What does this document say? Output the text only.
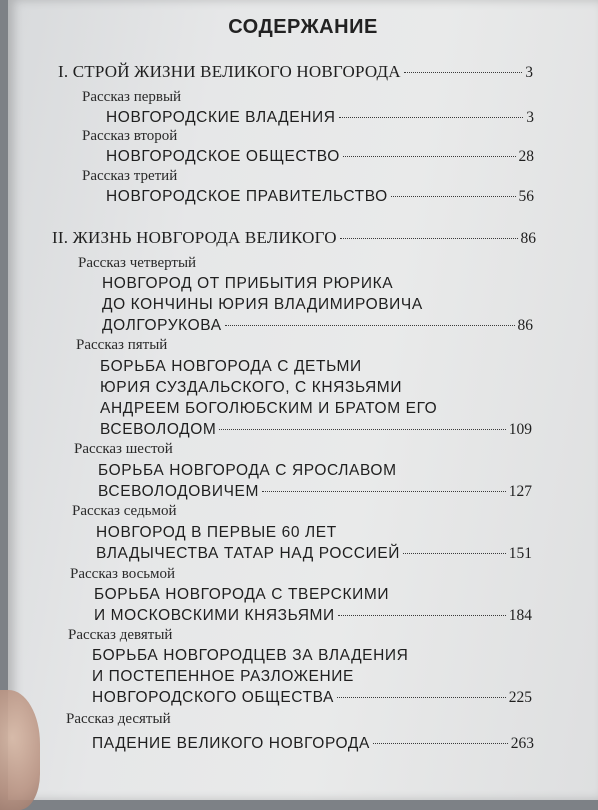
СОДЕРЖАНИЕ
I. СТРОЙ ЖИЗНИ ВЕЛИКОГО НОВГОРОДА	3
Рассказ первый
НОВГОРОДСКИЕ ВЛАДЕНИЯ	3
Рассказ второй
НОВГОРОДСКОЕ ОБЩЕСТВО	28
Рассказ третий
НОВГОРОДСКОЕ ПРАВИТЕЛЬСТВО	56
II. ЖИЗНЬ НОВГОРОДА ВЕЛИКОГО	86
Рассказ четвертый
НОВГОРОД ОТ ПРИБЫТИЯ РЮРИКА
ДО КОНЧИНЫ ЮРИЯ ВЛАДИМИРОВИЧА
ДОЛГОРУКОВА	86
Рассказ пятый
БОРЬБА НОВГОРОДА С ДЕТЬМИ
ЮРИЯ СУЗДАЛЬСКОГО, С КНЯЗЬЯМИ
АНДРЕЕМ БОГОЛЮБСКИМ И БРАТОМ ЕГО
ВСЕВОЛОДОМ	109
Рассказ шестой
БОРЬБА НОВГОРОДА С ЯРОСЛАВОМ
ВСЕВОЛОДОВИЧЕМ	127
Рассказ седьмой
НОВГОРОД В ПЕРВЫЕ 60 ЛЕТ
ВЛАДЫЧЕСТВА ТАТАР НАД РОССИЕЙ	151
Рассказ восьмой
БОРЬБА НОВГОРОДА С ТВЕРСКИМИ
И МОСКОВСКИМИ КНЯЗЬЯМИ	184
Рассказ девятый
БОРЬБА НОВГОРОДЦЕВ ЗА ВЛАДЕНИЯ
И ПОСТЕПЕННОЕ РАЗЛОЖЕНИЕ
НОВГОРОДСКОГО ОБЩЕСТВА	225
Рассказ десятый
ПАДЕНИЕ ВЕЛИКОГО НОВГОРОДА	263
